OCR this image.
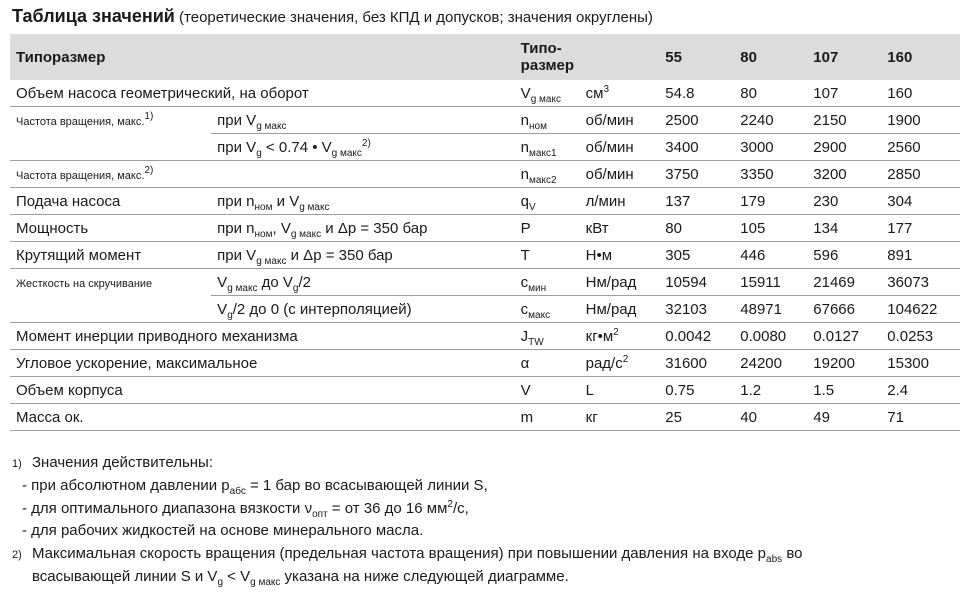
Таблица значений (теоретические значения, без КПД и допусков; значения округлены)
Типоразмер		Типо-
размер		55	80	107	160
Объем насоса геометрический, на оборот		$V_{g макс}$	$см^3$	54.8	80	107	160
Частота вращения, макс.$^{1)}$	при $V_{g макс}$	$n_{ном}$	об/мин	2500	2240	2150	1900
	при $V_g < 0.74$ • $V_{g макс}^{2)}$	$n_{макс1}$	об/мин	3400	3000	2900	2560
Частота вращения, макс.$^{2)}$		$n_{макс2}$	об/мин	3750	3350	3200	2850
Подача насоса	при $n_{ном}$ и $V_{g макс}$	$q_V$	л/мин	137	179	230	304
Мощность	при $n_{ном}$, $V_{g макс}$ и Δp = 350 бар	P	кВт	80	105	134	177
Крутящий момент	при $V_{g макс}$ и Δp = 350 бар	T	Н•м	305	446	596	891
Жесткость на скручивание	$V_{g макс}$ до $V_g/2$	$c_{мин}$	Нм/рад	10594	15911	21469	36073
	$V_g/2$ до 0 (с интерполяцией)	$c_{макс}$	Нм/рад	32103	48971	67666	104622
Момент инерции приводного механизма		$J_{TW}$	$кг•м^2$	0.0042	0.0080	0.0127	0.0253
Угловое ускорение, максимальное		α	рад/$с^2$	31600	24200	19200	15300
Объем корпуса		V	L	0.75	1.2	1.5	2.4
Масса ок.		m	кг	25	40	49	71
1) Значения действительны:
- при абсолютном давлении $p_{абс} = 1$ бар во всасывающей линии S,
- для оптимального диапазона вязкости $\nu_{опт}$ = от 36 до 16 $мм^2/с$,
- для рабочих жидкостей на основе минерального масла.
2) Максимальная скорость вращения (предельная частота вращения) при повышении давления на входе $p_{abs}$ во
всасывающей линии S и $V_g < V_{g макс}$ указана на ниже следующей диаграмме.
